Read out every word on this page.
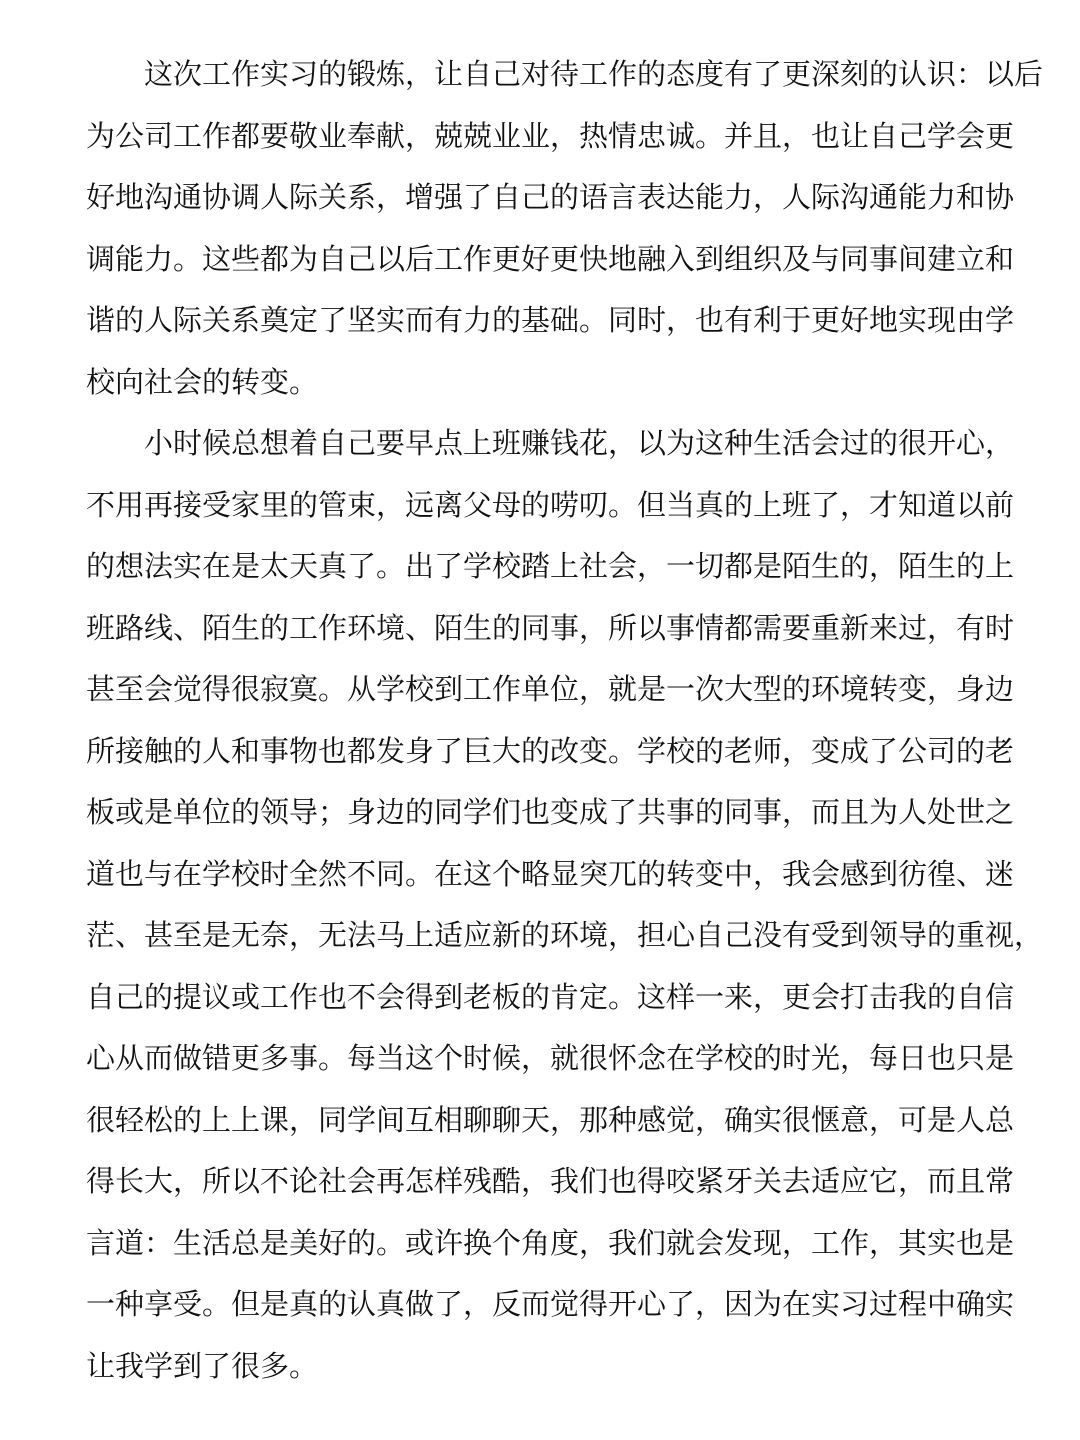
这次工作实习的锻炼，让自己对待工作的态度有了更深刻的认识：以后
为公司工作都要敬业奉献，兢兢业业，热情忠诚。并且，也让自己学会更
好地沟通协调人际关系，增强了自己的语言表达能力，人际沟通能力和协
调能力。这些都为自己以后工作更好更快地融入到组织及与同事间建立和
谐的人际关系奠定了坚实而有力的基础。同时，也有利于更好地实现由学
校向社会的转变。
小时候总想着自己要早点上班赚钱花，以为这种生活会过的很开心，
不用再接受家里的管束，远离父母的唠叨。但当真的上班了，才知道以前
的想法实在是太天真了。出了学校踏上社会，一切都是陌生的，陌生的上
班路线、陌生的工作环境、陌生的同事，所以事情都需要重新来过，有时
甚至会觉得很寂寞。从学校到工作单位，就是一次大型的环境转变，身边
所接触的人和事物也都发身了巨大的改变。学校的老师，变成了公司的老
板或是单位的领导；身边的同学们也变成了共事的同事，而且为人处世之
道也与在学校时全然不同。在这个略显突兀的转变中，我会感到彷徨、迷
茫、甚至是无奈，无法马上适应新的环境，担心自己没有受到领导的重视，
自己的提议或工作也不会得到老板的肯定。这样一来，更会打击我的自信
心从而做错更多事。每当这个时候，就很怀念在学校的时光，每日也只是
很轻松的上上课，同学间互相聊聊天，那种感觉，确实很惬意，可是人总
得长大，所以不论社会再怎样残酷，我们也得咬紧牙关去适应它，而且常
言道：生活总是美好的。或许换个角度，我们就会发现，工作，其实也是
一种享受。但是真的认真做了，反而觉得开心了，因为在实习过程中确实
让我学到了很多。
